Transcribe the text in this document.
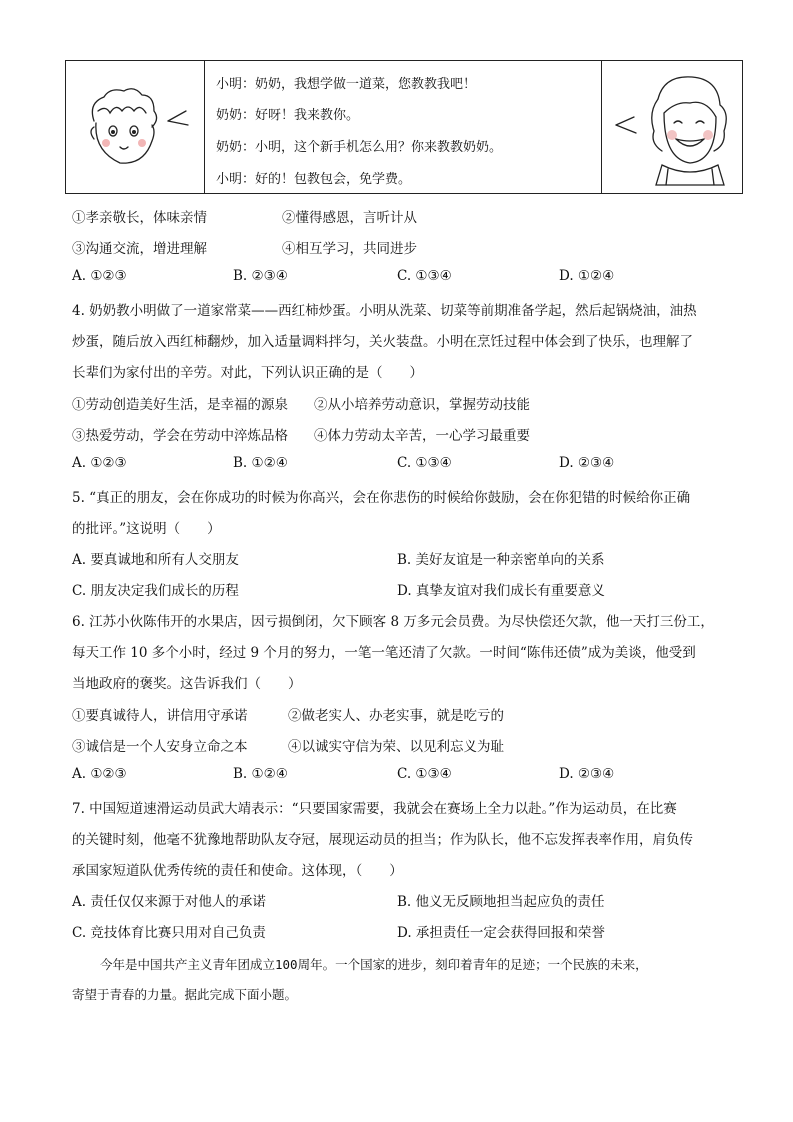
小明：奶奶，我想学做一道菜，您教教我吧！
奶奶：好呀！我来教你。
奶奶：小明，这个新手机怎么用？你来教教奶奶。
小明：好的！包教包会，免学费。
①孝亲敬长，体味亲情	②懂得感恩，言听计从
③沟通交流，增进理解	④相互学习，共同进步
A. ①②③	B. ②③④	C. ①③④	D. ①②④
4. 奶奶教小明做了一道家常菜——西红柿炒蛋。小明从洗菜、切菜等前期准备学起，然后起锅烧油，油热
炒蛋，随后放入西红柿翻炒，加入适量调料拌匀，关火装盘。小明在烹饪过程中体会到了快乐，也理解了
长辈们为家付出的辛劳。对此，下列认识正确的是（　　）
①劳动创造美好生活，是幸福的源泉 ②从小培养劳动意识，掌握劳动技能
③热爱劳动，学会在劳动中淬炼品格 ④体力劳动太辛苦，一心学习最重要
A. ①②③	B. ①②④	C. ①③④	D. ②③④
5. “真正的朋友，会在你成功的时候为你高兴，会在你悲伤的时候给你鼓励，会在你犯错的时候给你正确
的批评。”这说明（　　）
A. 要真诚地和所有人交朋友	B. 美好友谊是一种亲密单向的关系
C. 朋友决定我们成长的历程	D. 真挚友谊对我们成长有重要意义
6. 江苏小伙陈伟开的水果店，因亏损倒闭，欠下顾客 8 万多元会员费。为尽快偿还欠款，他一天打三份工，
每天工作 10 多个小时，经过 9 个月的努力，一笔一笔还清了欠款。一时间“陈伟还债”成为美谈，他受到
当地政府的褒奖。这告诉我们（　　）
①要真诚待人，讲信用守承诺	②做老实人、办老实事，就是吃亏的
③诚信是一个人安身立命之本	④以诚实守信为荣、以见利忘义为耻
A. ①②③	B. ①②④	C. ①③④	D. ②③④
7. 中国短道速滑运动员武大靖表示：“只要国家需要，我就会在赛场上全力以赴。”作为运动员，在比赛
的关键时刻，他毫不犹豫地帮助队友夺冠，展现运动员的担当；作为队长，他不忘发挥表率作用，肩负传
承国家短道队优秀传统的责任和使命。这体现，（　　）
A. 责任仅仅来源于对他人的承诺	B. 他义无反顾地担当起应负的责任
C. 竞技体育比赛只用对自己负责	D. 承担责任一定会获得回报和荣誉
今年是中国共产主义青年团成立100周年。一个国家的进步，刻印着青年的足迹；一个民族的未来，
寄望于青春的力量。据此完成下面小题。
